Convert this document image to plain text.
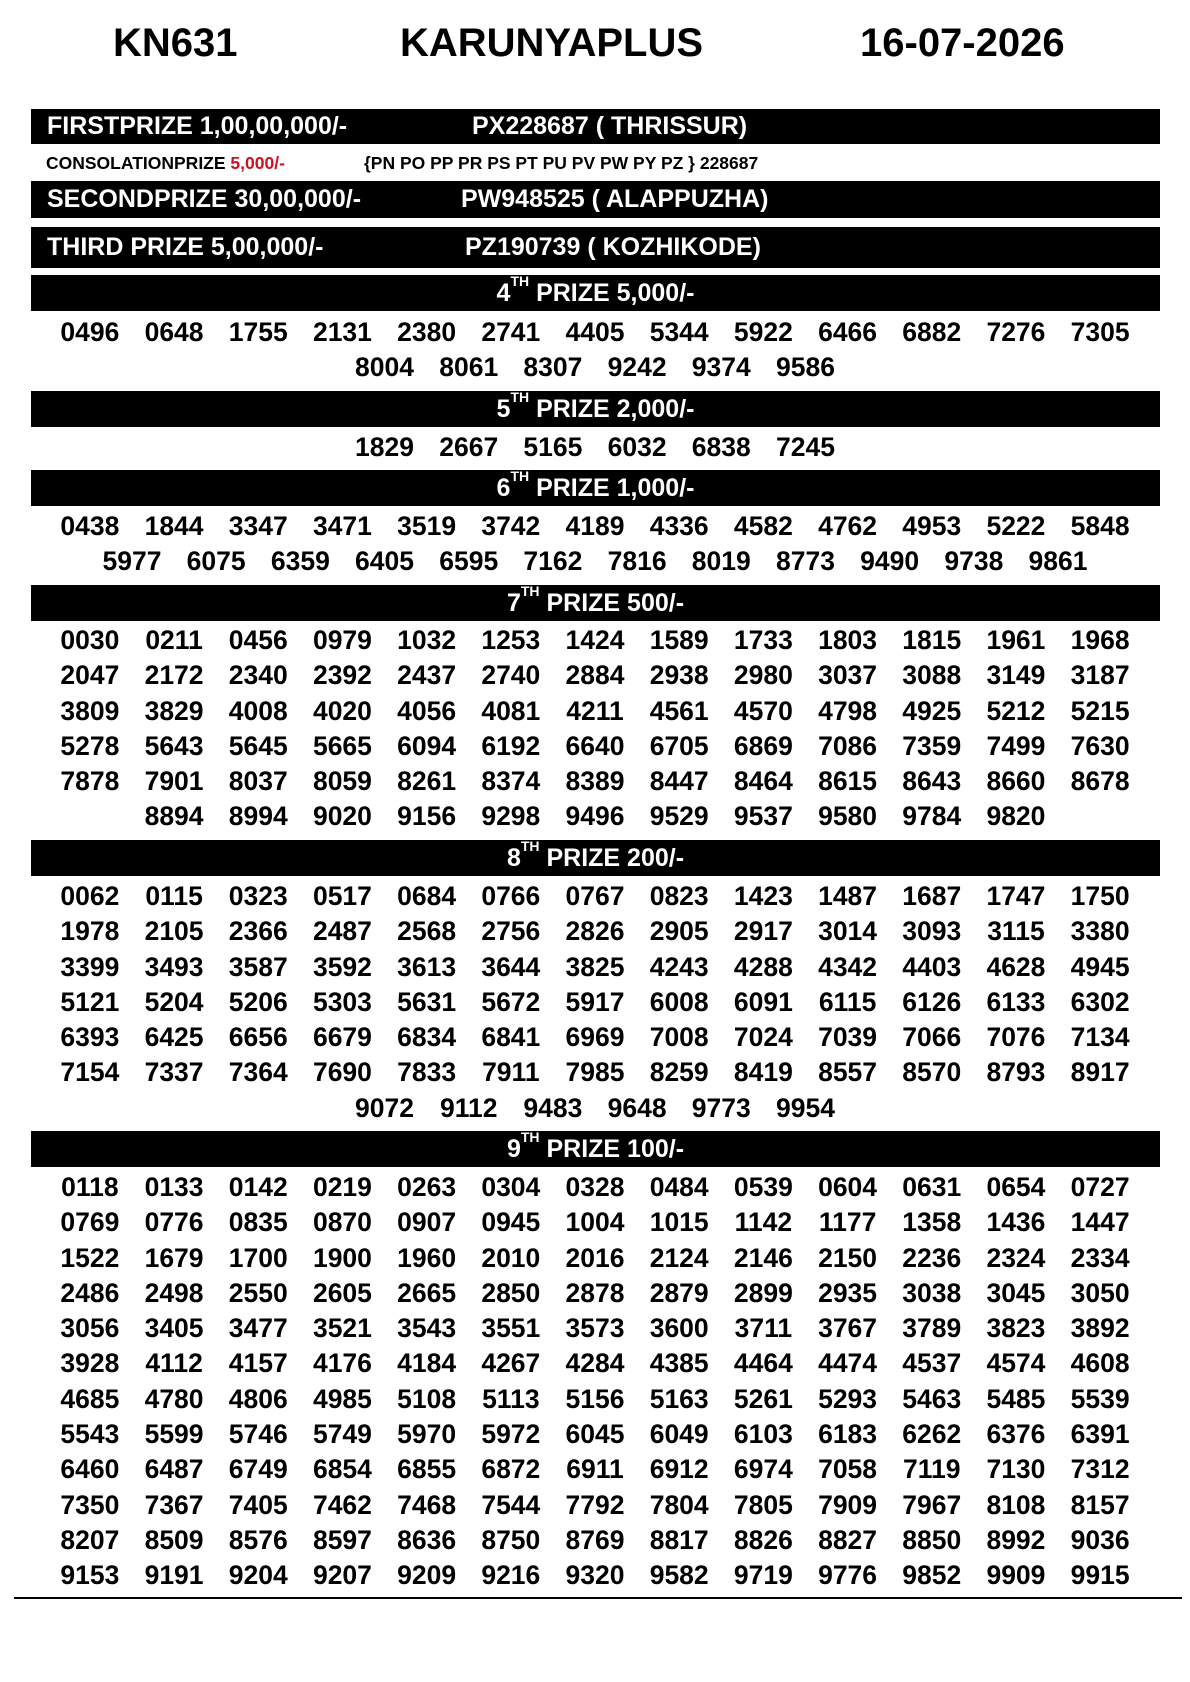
KN631	KARUNYAPLUS	16-07-2026
FIRSTPRIZE 1,00,00,000/-	PX228687 ( THRISSUR)
CONSOLATIONPRIZE 5,000/-	{PN PO PP PR PS PT PU PV PW PY PZ } 228687
SECONDPRIZE 30,00,000/-	PW948525 ( ALAPPUZHA)
THIRD PRIZE 5,00,000/-	PZ190739 ( KOZHIKODE)
4TH PRIZE 5,000/-
0496 0648 1755 2131 2380 2741 4405 5344 5922 6466 6882 7276 7305
8004 8061 8307 9242 9374 9586
5TH PRIZE 2,000/-
1829 2667 5165 6032 6838 7245
6TH PRIZE 1,000/-
0438 1844 3347 3471 3519 3742 4189 4336 4582 4762 4953 5222 5848
5977 6075 6359 6405 6595 7162 7816 8019 8773 9490 9738 9861
7TH PRIZE 500/-
0030 0211 0456 0979 1032 1253 1424 1589 1733 1803 1815 1961 1968
2047 2172 2340 2392 2437 2740 2884 2938 2980 3037 3088 3149 3187
3809 3829 4008 4020 4056 4081 4211 4561 4570 4798 4925 5212 5215
5278 5643 5645 5665 6094 6192 6640 6705 6869 7086 7359 7499 7630
7878 7901 8037 8059 8261 8374 8389 8447 8464 8615 8643 8660 8678
8894 8994 9020 9156 9298 9496 9529 9537 9580 9784 9820
8TH PRIZE 200/-
0062 0115 0323 0517 0684 0766 0767 0823 1423 1487 1687 1747 1750
1978 2105 2366 2487 2568 2756 2826 2905 2917 3014 3093 3115 3380
3399 3493 3587 3592 3613 3644 3825 4243 4288 4342 4403 4628 4945
5121 5204 5206 5303 5631 5672 5917 6008 6091 6115 6126 6133 6302
6393 6425 6656 6679 6834 6841 6969 7008 7024 7039 7066 7076 7134
7154 7337 7364 7690 7833 7911 7985 8259 8419 8557 8570 8793 8917
9072 9112 9483 9648 9773 9954
9TH PRIZE 100/-
0118 0133 0142 0219 0263 0304 0328 0484 0539 0604 0631 0654 0727
0769 0776 0835 0870 0907 0945 1004 1015 1142	1177 1358 1436 1447
1522 1679 1700 1900 1960 2010 2016 2124 2146 2150 2236 2324 2334
2486 2498 2550 2605 2665 2850 2878 2879 2899 2935 3038 3045 3050
3056 3405 3477 3521 3543 3551 3573 3600 3711 3767 3789 3823 3892
3928 4112 4157 4176 4184 4267 4284 4385 4464 4474 4537 4574 4608
4685 4780 4806 4985 5108 5113 5156 5163 5261 5293 5463 5485 5539
5543 5599 5746 5749 5970 5972 6045 6049 6103 6183 6262 6376 6391
6460 6487 6749 6854 6855 6872 6911 6912 6974 7058 7119 7130 7312
7350 7367 7405 7462 7468 7544 7792 7804 7805 7909 7967 8108 8157
8207 8509 8576 8597 8636 8750 8769 8817 8826 8827 8850 8992 9036
9153 9191 9204 9207 9209 9216 9320 9582 9719 9776 9852 9909 9915
